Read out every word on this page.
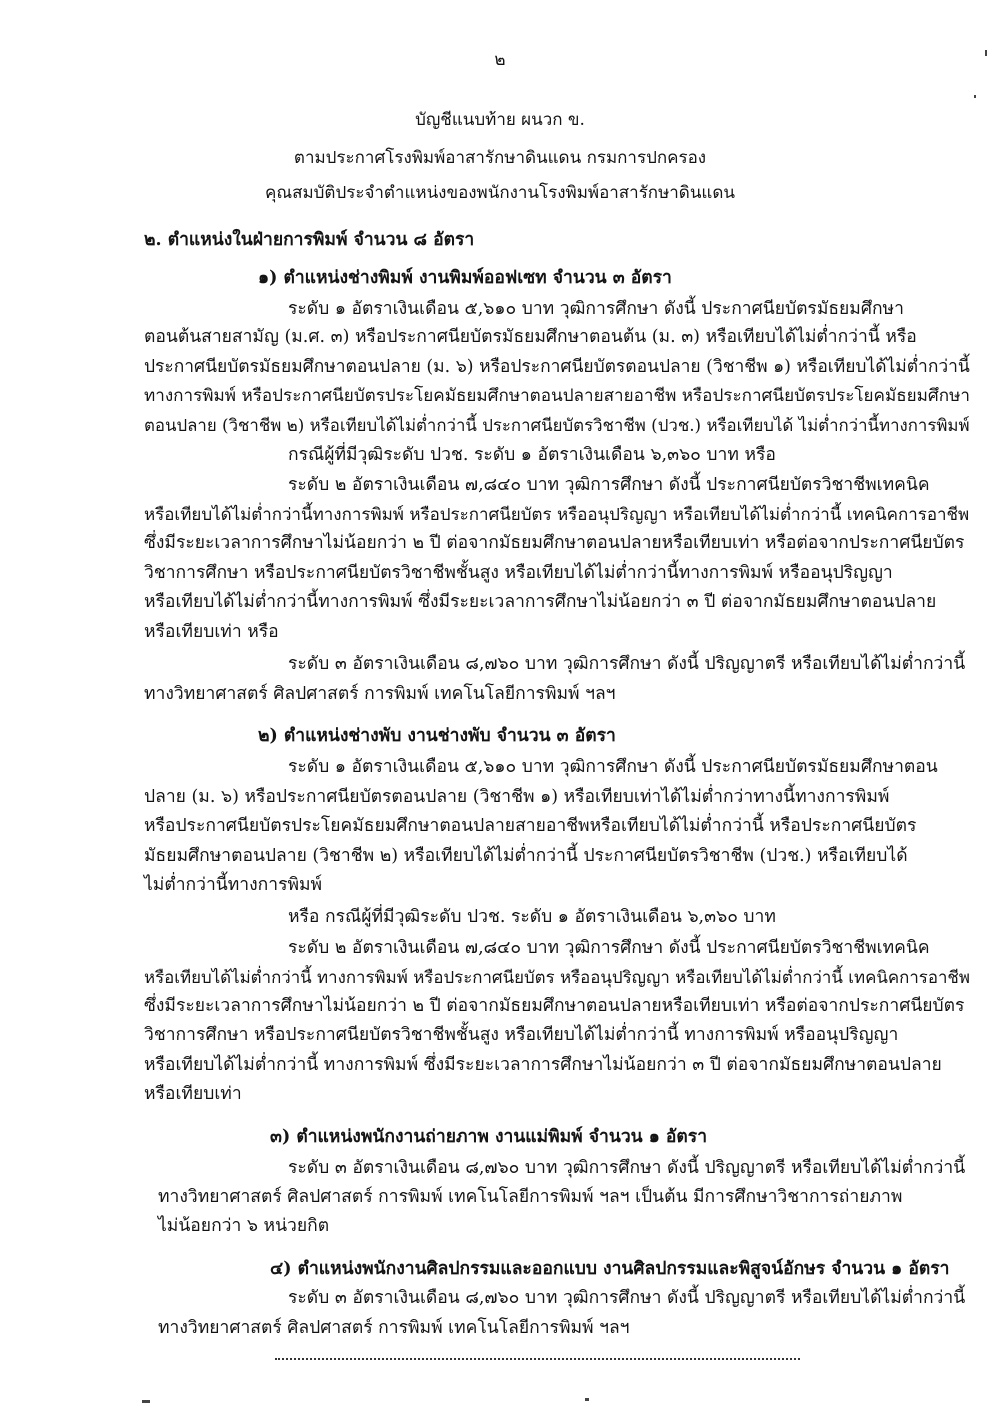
๒
บัญชีแนบท้าย ผนวก ข.
ตามประกาศโรงพิมพ์อาสารักษาดินแดน กรมการปกครอง
คุณสมบัติประจำตำแหน่งของพนักงานโรงพิมพ์อาสารักษาดินแดน
๒. ตำแหน่งในฝ่ายการพิมพ์ จำนวน ๘ อัตรา
๑) ตำแหน่งช่างพิมพ์ งานพิมพ์ออฟเซท จำนวน ๓ อัตรา
ระดับ ๑ อัตราเงินเดือน ๕,๖๑๐ บาท วุฒิการศึกษา ดังนี้ ประกาศนียบัตรมัธยมศึกษา
ตอนต้นสายสามัญ (ม.ศ. ๓) หรือประกาศนียบัตรมัธยมศึกษาตอนต้น (ม. ๓) หรือเทียบได้ไม่ต่ำกว่านี้ หรือ
ประกาศนียบัตรมัธยมศึกษาตอนปลาย (ม. ๖) หรือประกาศนียบัตรตอนปลาย (วิชาชีพ ๑) หรือเทียบได้ไม่ต่ำกว่านี้
ทางการพิมพ์ หรือประกาศนียบัตรประโยคมัธยมศึกษาตอนปลายสายอาชีพ หรือประกาศนียบัตรประโยคมัธยมศึกษา
ตอนปลาย (วิชาชีพ ๒) หรือเทียบได้ไม่ต่ำกว่านี้ ประกาศนียบัตรวิชาชีพ (ปวช.) หรือเทียบได้ ไม่ต่ำกว่านี้ทางการพิมพ์
กรณีผู้ที่มีวุฒิระดับ ปวช. ระดับ ๑ อัตราเงินเดือน ๖,๓๖๐ บาท หรือ
ระดับ ๒ อัตราเงินเดือน ๗,๘๔๐ บาท วุฒิการศึกษา ดังนี้ ประกาศนียบัตรวิชาชีพเทคนิค
หรือเทียบได้ไม่ต่ำกว่านี้ทางการพิมพ์ หรือประกาศนียบัตร หรืออนุปริญญา หรือเทียบได้ไม่ต่ำกว่านี้ เทคนิคการอาชีพ
ซึ่งมีระยะเวลาการศึกษาไม่น้อยกว่า ๒ ปี ต่อจากมัธยมศึกษาตอนปลายหรือเทียบเท่า หรือต่อจากประกาศนียบัตร
วิชาการศึกษา หรือประกาศนียบัตรวิชาชีพชั้นสูง หรือเทียบได้ไม่ต่ำกว่านี้ทางการพิมพ์ หรืออนุปริญญา
หรือเทียบได้ไม่ต่ำกว่านี้ทางการพิมพ์ ซึ่งมีระยะเวลาการศึกษาไม่น้อยกว่า ๓ ปี ต่อจากมัธยมศึกษาตอนปลาย
หรือเทียบเท่า หรือ
ระดับ ๓ อัตราเงินเดือน ๘,๗๖๐ บาท วุฒิการศึกษา ดังนี้ ปริญญาตรี หรือเทียบได้ไม่ต่ำกว่านี้
ทางวิทยาศาสตร์ ศิลปศาสตร์ การพิมพ์ เทคโนโลยีการพิมพ์ ฯลฯ
๒) ตำแหน่งช่างพับ งานช่างพับ จำนวน ๓ อัตรา
ระดับ ๑ อัตราเงินเดือน ๕,๖๑๐ บาท วุฒิการศึกษา ดังนี้ ประกาศนียบัตรมัธยมศึกษาตอน
ปลาย (ม. ๖) หรือประกาศนียบัตรตอนปลาย (วิชาชีพ ๑) หรือเทียบเท่าได้ไม่ต่ำกว่าทางนี้ทางการพิมพ์
หรือประกาศนียบัตรประโยคมัธยมศึกษาตอนปลายสายอาชีพหรือเทียบได้ไม่ต่ำกว่านี้ หรือประกาศนียบัตร
มัธยมศึกษาตอนปลาย (วิชาชีพ ๒) หรือเทียบได้ไม่ต่ำกว่านี้ ประกาศนียบัตรวิชาชีพ (ปวช.) หรือเทียบได้
ไม่ต่ำกว่านี้ทางการพิมพ์
หรือ กรณีผู้ที่มีวุฒิระดับ ปวช. ระดับ ๑ อัตราเงินเดือน ๖,๓๖๐ บาท
ระดับ ๒ อัตราเงินเดือน ๗,๘๔๐ บาท วุฒิการศึกษา ดังนี้ ประกาศนียบัตรวิชาชีพเทคนิค
หรือเทียบได้ไม่ต่ำกว่านี้ ทางการพิมพ์ หรือประกาศนียบัตร หรืออนุปริญญา หรือเทียบได้ไม่ต่ำกว่านี้ เทคนิคการอาชีพ
ซึ่งมีระยะเวลาการศึกษาไม่น้อยกว่า ๒ ปี ต่อจากมัธยมศึกษาตอนปลายหรือเทียบเท่า หรือต่อจากประกาศนียบัตร
วิชาการศึกษา หรือประกาศนียบัตรวิชาชีพชั้นสูง หรือเทียบได้ไม่ต่ำกว่านี้ ทางการพิมพ์ หรืออนุปริญญา
หรือเทียบได้ไม่ต่ำกว่านี้ ทางการพิมพ์ ซึ่งมีระยะเวลาการศึกษาไม่น้อยกว่า ๓ ปี ต่อจากมัธยมศึกษาตอนปลาย
หรือเทียบเท่า
๓) ตำแหน่งพนักงานถ่ายภาพ งานแม่พิมพ์ จำนวน ๑ อัตรา
ระดับ ๓ อัตราเงินเดือน ๘,๗๖๐ บาท วุฒิการศึกษา ดังนี้ ปริญญาตรี หรือเทียบได้ไม่ต่ำกว่านี้
ทางวิทยาศาสตร์ ศิลปศาสตร์ การพิมพ์ เทคโนโลยีการพิมพ์ ฯลฯ เป็นต้น มีการศึกษาวิชาการถ่ายภาพ
ไม่น้อยกว่า ๖ หน่วยกิต
๔) ตำแหน่งพนักงานศิลปกรรมและออกแบบ งานศิลปกรรมและพิสูจน์อักษร จำนวน ๑ อัตรา
ระดับ ๓ อัตราเงินเดือน ๘,๗๖๐ บาท วุฒิการศึกษา ดังนี้ ปริญญาตรี หรือเทียบได้ไม่ต่ำกว่านี้
ทางวิทยาศาสตร์ ศิลปศาสตร์ การพิมพ์ เทคโนโลยีการพิมพ์ ฯลฯ
